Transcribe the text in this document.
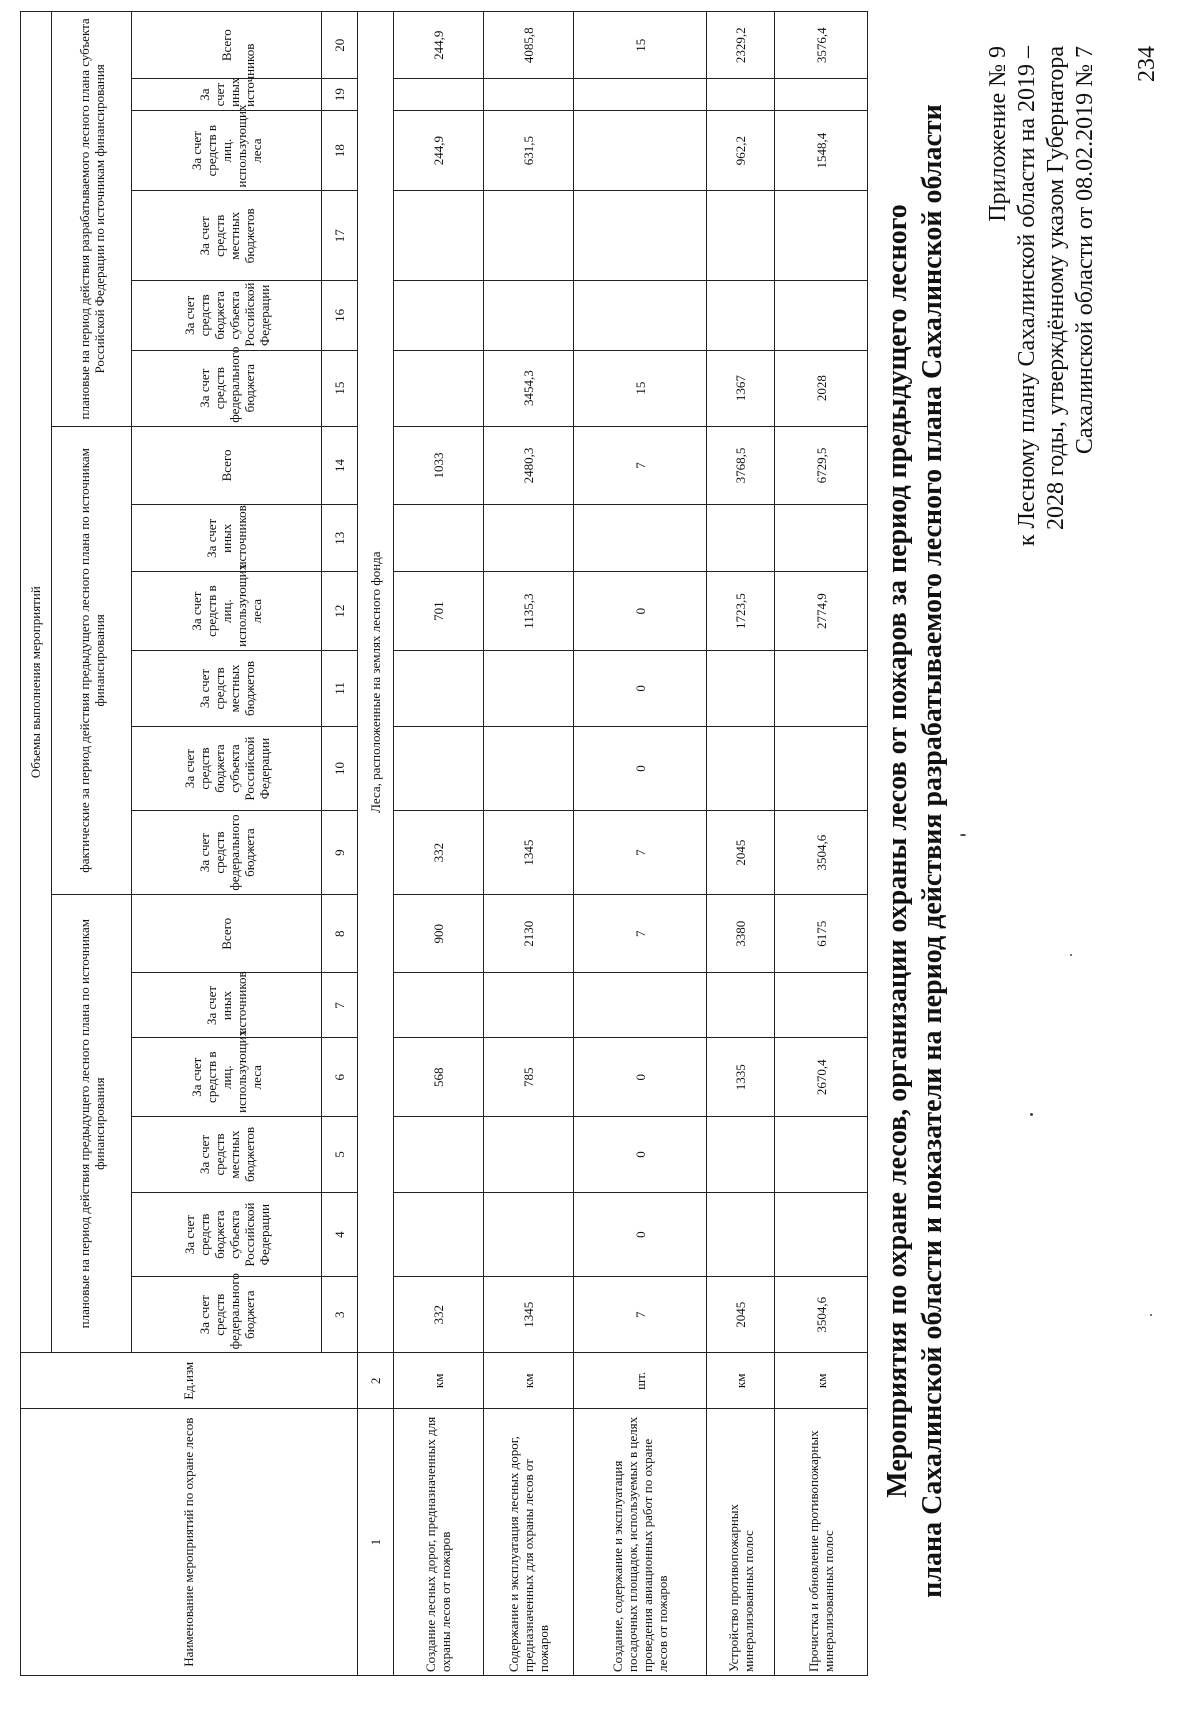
234
Приложение № 9 к Лесному плану Сахалинской области на 2019 – 2028 годы, утверждённому указом Губернатора Сахалинской области от 08.02.2019 № 7
Мероприятия по охране лесов, организации охраны лесов от пожаров за период предыдущего лесного плана Сахалинской области и показатели на период действия разрабатываемого лесного плана Сахалинской области
Наименование мероприятий по охране лесов	Ед.изм	Объемы выполнения мероприятий																	
		плановые на период действия предыдущего лесного плана по источникам финансирования						фактические за период действия предыдущего лесного плана по источникам финансирования						плановые на период действия разрабатываемого лесного плана субъекта Российской Федерации по источникам финансирования					
		За счет средств федерального бюджета	За счет средств бюджета субъекта Российской Федерации	За счет средств местных бюджетов	За счет средств в лиц. использующих леса	За счет иных источников	Всего	За счет средств федерального бюджета	За счет средств бюджета субъекта Российской Федерации	За счет средств местных бюджетов	За счет средств в лиц. использующих леса	За счет иных источников	Всего	За счет средств федерального бюджета	За счет средств бюджета субъекта Российской Федерации	За счет средств местных бюджетов	За счет средств в лиц. использующих леса	За счет иных источников	Всего
		3	4	5	6	7	8	9	10	11	12	13	14	15	16	17	18	19	20
1	2	Леса, расположенные на землях лесного фонда																	
Создание лесных дорог, предназначенных для охраны лесов от пожаров	км	332			568		900	332			701		1033				244,9		244,9
Содержание и эксплуатация лесных дорог, предназначенных для охраны лесов от пожаров	км	1345			785		2130	1345			1135,3		2480,3	3454,3			631,5		4085,8
Создание, содержание и эксплуатация посадочных площадок, используемых в целях проведения авиационных работ по охране лесов от пожаров	шт.	7	0	0	0		7	7	0	0	0		7	15					15
Устройство противопожарных минерализованных полос	км	2045			1335		3380	2045			1723,5		3768,5	1367			962,2		2329,2
Прочистка и обновление противопожарных минерализованных полос	км	3504,6			2670,4		6175	3504,6			2774,9		6729,5	2028			1548,4		3576,4
